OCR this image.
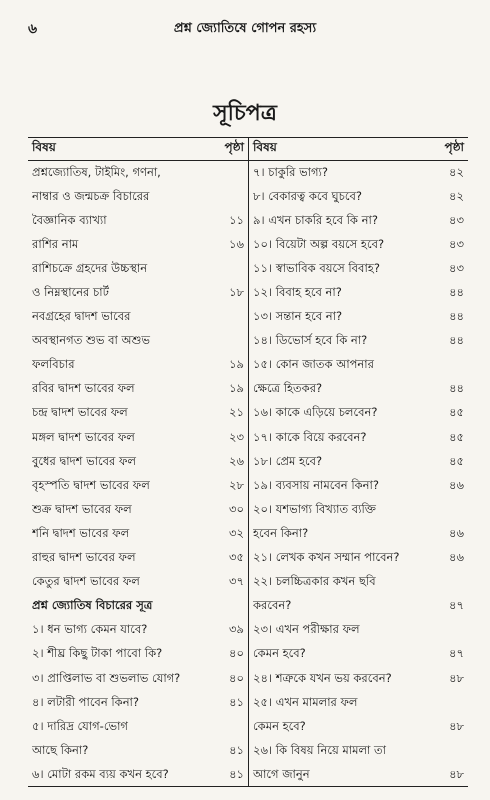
৬	প্রশ্ন জ্যোতিষে গোপন রহস্য
সূচিপত্র
বিষয়	পৃষ্ঠা
প্রশ্নজ্যোতিষ, টাইমিং, গণনা,
নাম্বার ও জন্মচক্র বিচারের
বৈজ্ঞানিক ব্যাখ্যা	১১
রাশির নাম	১৬
রাশিচক্রে গ্রহদের উচ্চস্থান
ও নিম্নস্থানের চার্ট	১৮
নবগ্রহের দ্বাদশ ভাবের
অবস্থানগত শুভ বা অশুভ
ফলবিচার	১৯
রবির দ্বাদশ ভাবের ফল	১৯
চন্দ্র দ্বাদশ ভাবের ফল	২১
মঙ্গল দ্বাদশ ভাবের ফল	২৩
বুধের দ্বাদশ ভাবের ফল	২৬
বৃহস্পতি দ্বাদশ ভাবের ফল	২৮
শুক্র দ্বাদশ ভাবের ফল	৩০
শনি দ্বাদশ ভাবের ফল	৩২
রাহুর দ্বাদশ ভাবের ফল	৩৫
কেতুর দ্বাদশ ভাবের ফল	৩৭
প্রশ্ন জ্যোতিষ বিচারের সূত্র
১। ধন ভাগ্য কেমন যাবে?	৩৯
২। শীঘ্র কিছু টাকা পাবো কি?	৪০
৩। প্রাপ্তিলাভ বা শুভলাভ যোগ?	৪০
৪। লটারী পাবেন কিনা?	৪১
৫। দারিদ্র যোগ-ভোগ
আছে কিনা?	৪১
৬। মোটা রকম ব্যয় কখন হবে?	৪১
বিষয়	পৃষ্ঠা
৭। চাকুরি ভাগ্য?	৪২
৮। বেকারত্ব কবে ঘুচবে?	৪২
৯। এখন চাকরি হবে কি না?	৪৩
১০। বিয়েটা অল্প বয়সে হবে?	৪৩
১১। স্বাভাবিক বয়সে বিবাহ?	৪৩
১২। বিবাহ হবে না?	৪৪
১৩। সন্তান হবে না?	৪৪
১৪। ডিভোর্স হবে কি না?	৪৪
১৫। কোন জাতক আপনার
ক্ষেত্রে হিতকর?	৪৪
১৬। কাকে এড়িয়ে চলবেন?	৪৫
১৭। কাকে বিয়ে করবেন?	৪৫
১৮। প্রেম হবে?	৪৫
১৯। ব্যবসায় নামবেন কিনা?	৪৬
২০। যশভাগ্য বিখ্যাত ব্যক্তি
হবেন কিনা?	৪৬
২১। লেখক কখন সম্মান পাবেন?	৪৬
২২। চলচ্চিত্রকার কখন ছবি
করবেন?	৪৭
২৩। এখন পরীক্ষার ফল
কেমন হবে?	৪৭
২৪। শত্রুকে যখন ভয় করবেন?	৪৮
২৫। এখন মামলার ফল
কেমন হবে?	৪৮
২৬। কি বিষয় নিয়ে মামলা তা
আগে জানুন	৪৮
